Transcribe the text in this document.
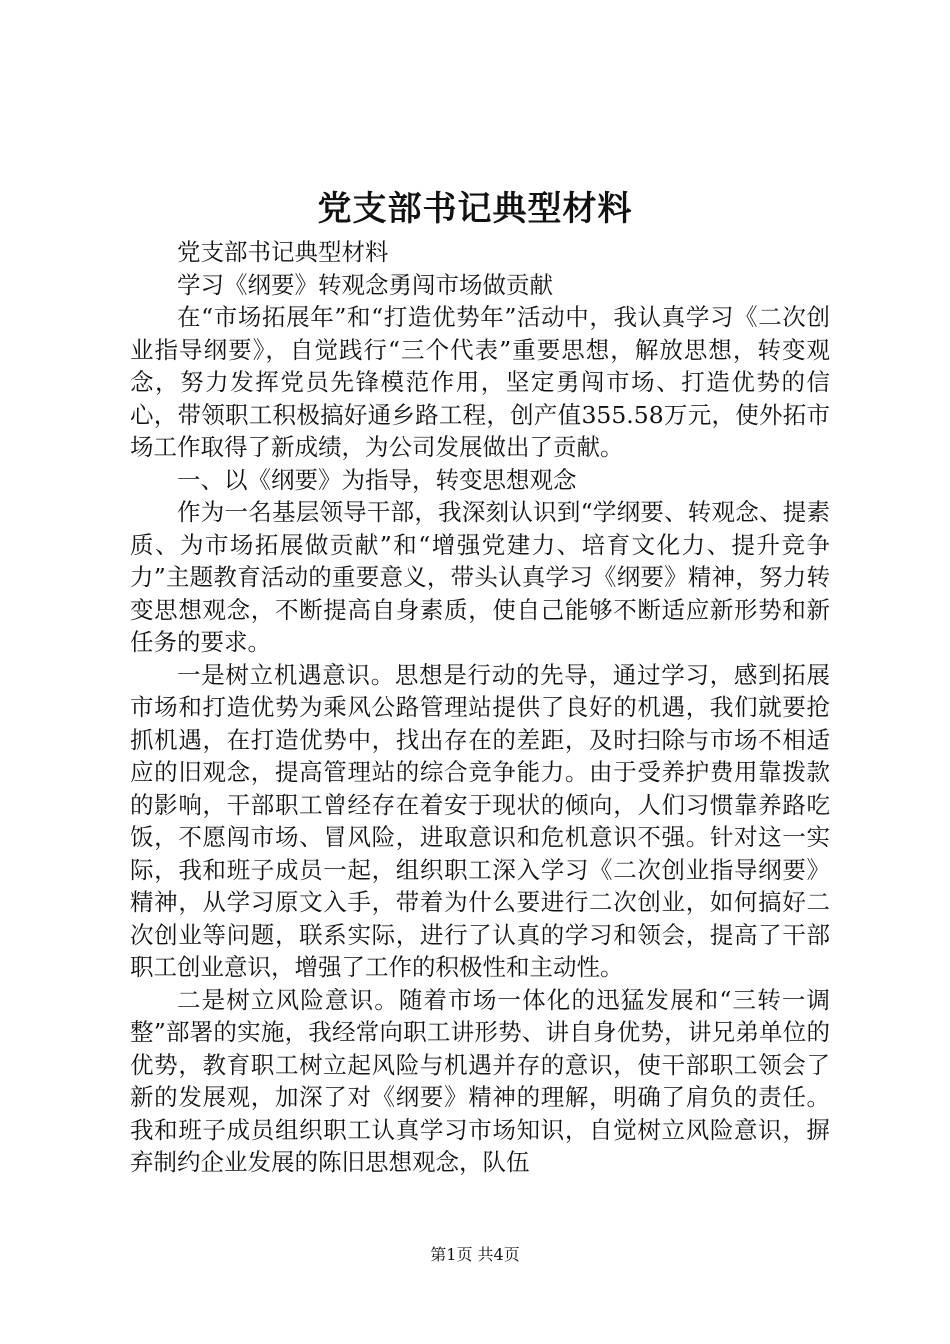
党支部书记典型材料

党支部书记典型材料

学习《纲要》转观念勇闯市场做贡献

在“市场拓展年”和“打造优势年”活动中，我认真学习《二次创业指导纲要》，自觉践行“三个代表”重要思想，解放思想，转变观念，努力发挥党员先锋模范作用，坚定勇闯市场、打造优势的信心，带领职工积极搞好通乡路工程，创产值355.58万元，使外拓市场工作取得了新成绩，为公司发展做出了贡献。

一、以《纲要》为指导，转变思想观念

作为一名基层领导干部，我深刻认识到“学纲要、转观念、提素质、为市场拓展做贡献”和“增强党建力、培育文化力、提升竞争力”主题教育活动的重要意义，带头认真学习《纲要》精神，努力转变思想观念，不断提高自身素质，使自己能够不断适应新形势和新任务的要求。

一是树立机遇意识。思想是行动的先导，通过学习，感到拓展市场和打造优势为乘风公路管理站提供了良好的机遇，我们就要抢抓机遇，在打造优势中，找出存在的差距，及时扫除与市场不相适应的旧观念，提高管理站的综合竞争能力。由于受养护费用靠拨款的影响，干部职工曾经存在着安于现状的倾向，人们习惯靠养路吃饭，不愿闯市场、冒风险，进取意识和危机意识不强。针对这一实际，我和班子成员一起，组织职工深入学习《二次创业指导纲要》精神，从学习原文入手，带着为什么要进行二次创业，如何搞好二次创业等问题，联系实际，进行了认真的学习和领会，提高了干部职工创业意识，增强了工作的积极性和主动性。

二是树立风险意识。随着市场一体化的迅猛发展和“三转一调整”部署的实施，我经常向职工讲形势、讲自身优势，讲兄弟单位的优势，教育职工树立起风险与机遇并存的意识，使干部职工领会了新的发展观，加深了对《纲要》精神的理解，明确了肩负的责任。我和班子成员组织职工认真学习市场知识，自觉树立风险意识，摒弃制约企业发展的陈旧思想观念，队伍

第1页 共4页
